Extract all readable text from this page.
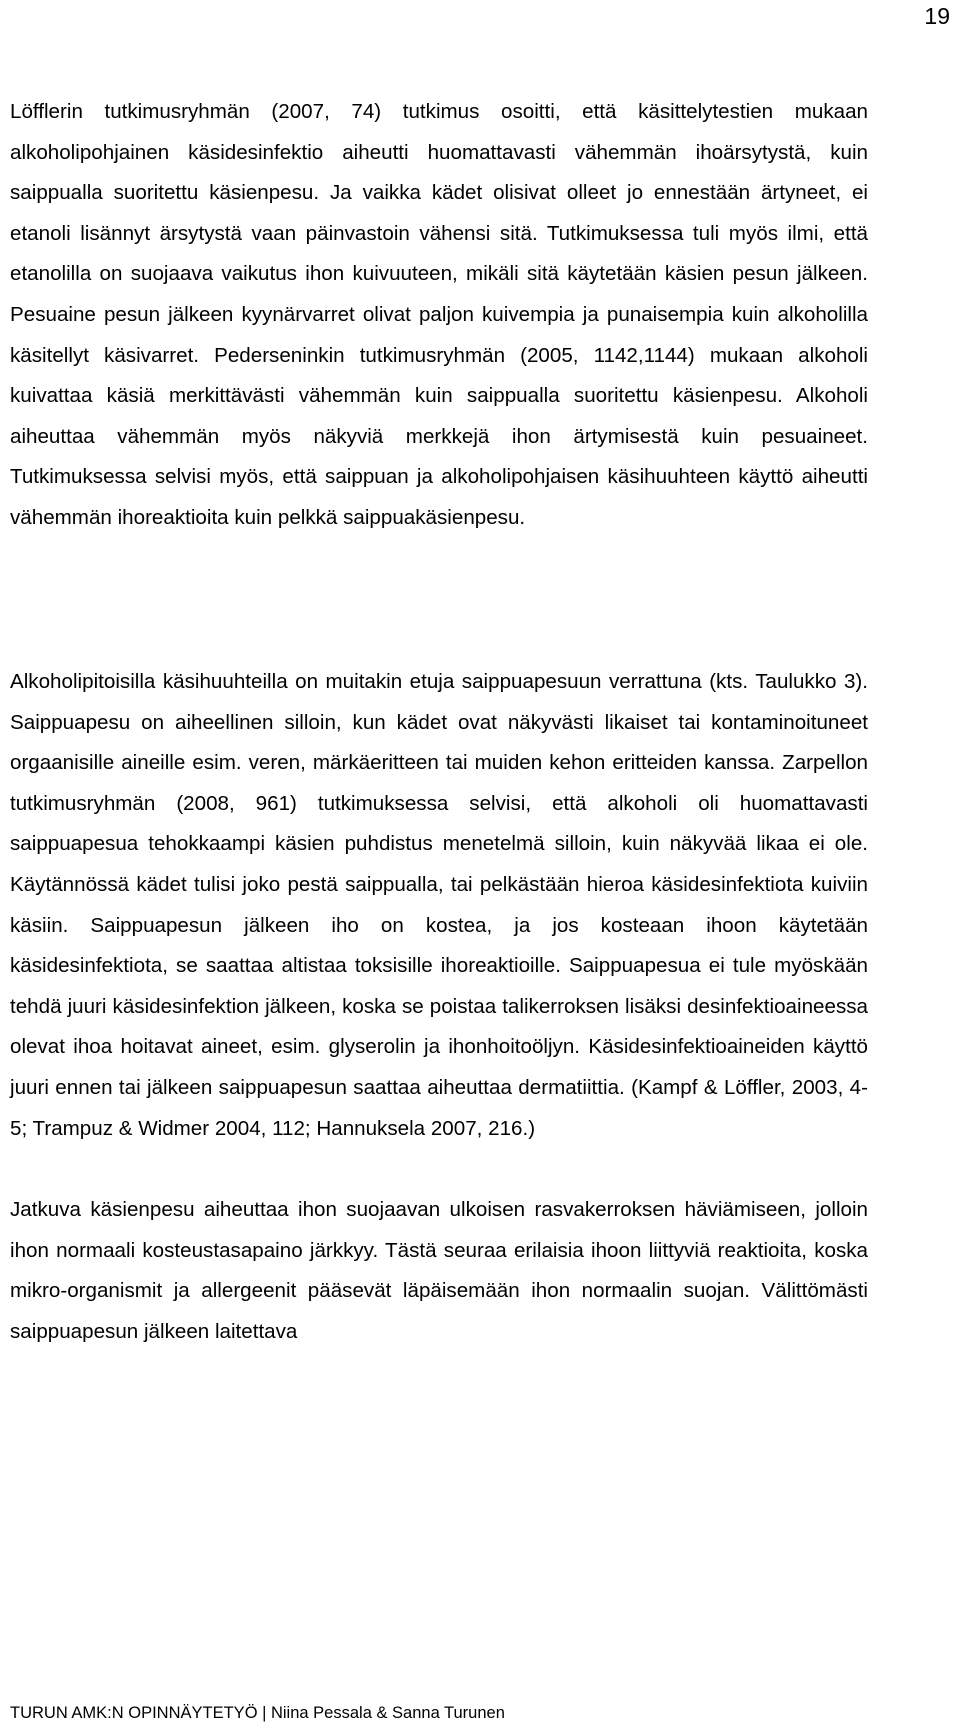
19

Löfflerin tutkimusryhmän (2007, 74) tutkimus osoitti, että käsittelytestien mukaan alkoholipohjainen käsidesinfektio aiheutti huomattavasti vähemmän ihoärsytystä, kuin saippualla suoritettu käsienpesu. Ja vaikka kädet olisivat olleet jo ennestään ärtyneet, ei etanoli lisännyt ärsytystä vaan päinvastoin vähensi sitä. Tutkimuksessa tuli myös ilmi, että etanolilla on suojaava vaikutus ihon kuivuuteen, mikäli sitä käytetään käsien pesun jälkeen. Pesuaine pesun jälkeen kyynärvarret olivat paljon kuivempia ja punaisempia kuin alkoholilla käsitellyt käsivarret. Pederseninkin tutkimusryhmän (2005, 1142,1144) mukaan alkoholi kuivattaa käsiä merkittävästi vähemmän kuin saippualla suoritettu käsienpesu. Alkoholi aiheuttaa vähemmän myös näkyviä merkkejä ihon ärtymisestä kuin pesuaineet. Tutkimuksessa selvisi myös, että saippuan ja alkoholipohjaisen käsihuuhteen käyttö aiheutti vähemmän ihoreaktioita kuin pelkkä saippuakäsienpesu.

Alkoholipitoisilla käsihuuhteilla on muitakin etuja saippuapesuun verrattuna (kts. Taulukko 3). Saippuapesu on aiheellinen silloin, kun kädet ovat näkyvästi likaiset tai kontaminoituneet orgaanisille aineille esim. veren, märkäeritteen tai muiden kehon eritteiden kanssa. Zarpellon tutkimusryhmän (2008, 961) tutkimuksessa selvisi, että alkoholi oli huomattavasti saippuapesua tehokkaampi käsien puhdistus menetelmä silloin, kuin näkyvää likaa ei ole. Käytännössä kädet tulisi joko pestä saippualla, tai pelkästään hieroa käsidesinfektiota kuiviin käsiin. Saippuapesun jälkeen iho on kostea, ja jos kosteaan ihoon käytetään käsidesinfektiota, se saattaa altistaa toksisille ihoreaktioille. Saippuapesua ei tule myöskään tehdä juuri käsidesinfektion jälkeen, koska se poistaa talikerroksen lisäksi desinfektioaineessa olevat ihoa hoitavat aineet, esim. glyserolin ja ihonhoitoöljyn. Käsidesinfektioaineiden käyttö juuri ennen tai jälkeen saippuapesun saattaa aiheuttaa dermatiittia. (Kampf & Löffler, 2003, 4-5; Trampuz & Widmer 2004, 112; Hannuksela 2007, 216.)

Jatkuva käsienpesu aiheuttaa ihon suojaavan ulkoisen rasvakerroksen häviämiseen, jolloin ihon normaali kosteustasapaino järkkyy. Tästä seuraa erilaisia ihoon liittyviä reaktioita, koska mikro-organismit ja allergeenit pääsevät läpäisemään ihon normaalin suojan. Välittömästi saippuapesun jälkeen laitettava

TURUN AMK:N OPINNÄYTETYÖ | Niina Pessala & Sanna Turunen
